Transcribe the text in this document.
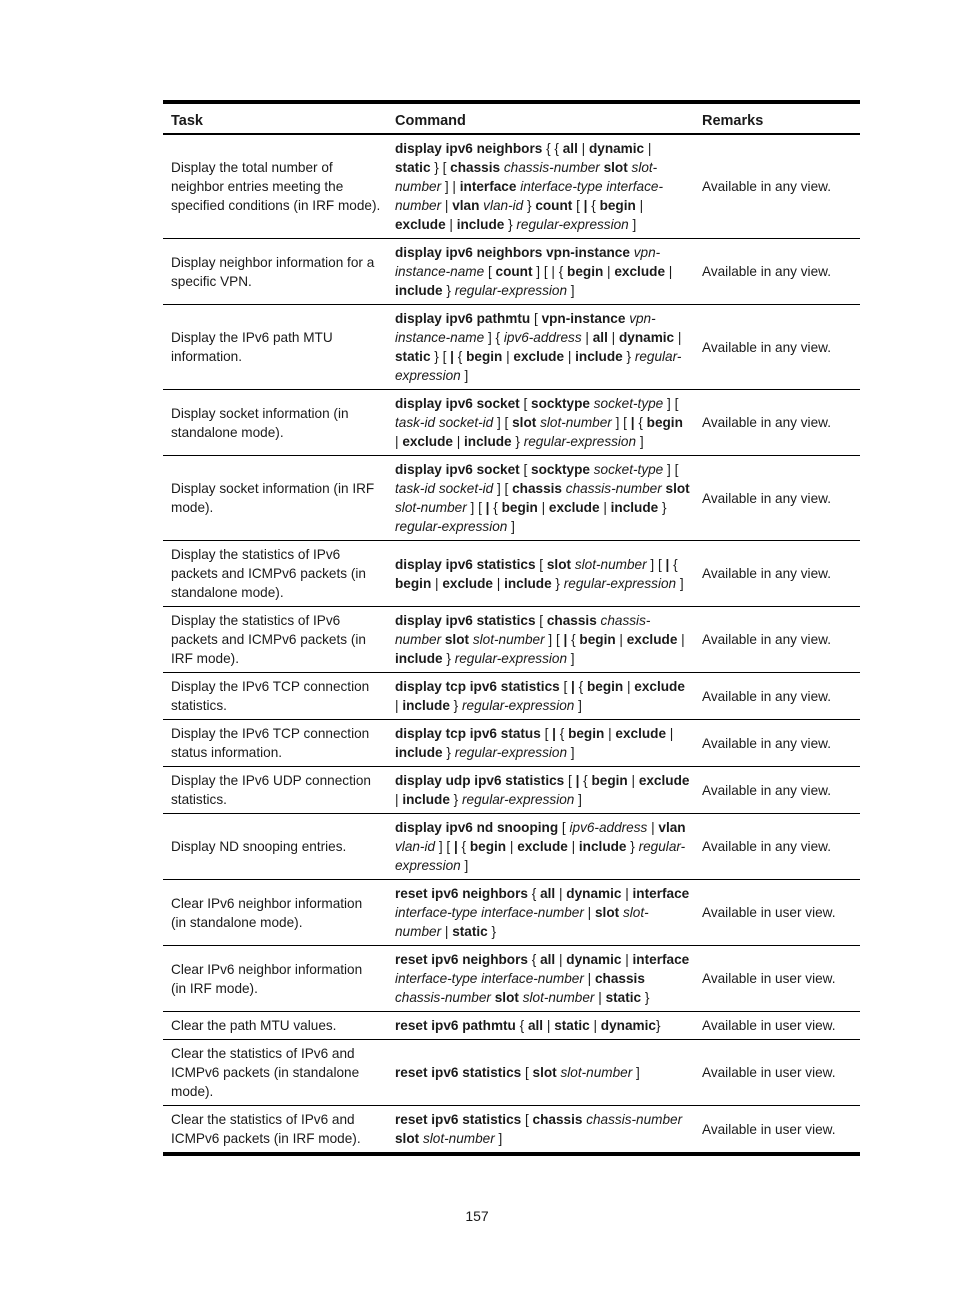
Task	Command	Remarks
Display the total number of neighbor entries meeting the specified conditions (in IRF mode).	display ipv6 neighbors { { all | dynamic | static } [ chassis chassis-number slot slot-number ] | interface interface-type interface-number | vlan vlan-id } count [ | { begin | exclude | include } regular-expression ]	Available in any view.
Display neighbor information for a specific VPN.	display ipv6 neighbors vpn-instance vpn-instance-name [ count ] [ | { begin | exclude | include } regular-expression ]	Available in any view.
Display the IPv6 path MTU information.	display ipv6 pathmtu [ vpn-instance vpn-instance-name ] { ipv6-address | all | dynamic | static } [ | { begin | exclude | include } regular-expression ]	Available in any view.
Display socket information (in standalone mode).	display ipv6 socket [ socktype socket-type ] [ task-id socket-id ] [ slot slot-number ] [ | { begin | exclude | include } regular-expression ]	Available in any view.
Display socket information (in IRF mode).	display ipv6 socket [ socktype socket-type ] [ task-id socket-id ] [ chassis chassis-number slot slot-number ] [ | { begin | exclude | include } regular-expression ]	Available in any view.
Display the statistics of IPv6 packets and ICMPv6 packets (in standalone mode).	display ipv6 statistics [ slot slot-number ] [ | { begin | exclude | include } regular-expression ]	Available in any view.
Display the statistics of IPv6 packets and ICMPv6 packets (in IRF mode).	display ipv6 statistics [ chassis chassis-number slot slot-number ] [ | { begin | exclude | include } regular-expression ]	Available in any view.
Display the IPv6 TCP connection statistics.	display tcp ipv6 statistics [ | { begin | exclude | include } regular-expression ]	Available in any view.
Display the IPv6 TCP connection status information.	display tcp ipv6 status [ | { begin | exclude | include } regular-expression ]	Available in any view.
Display the IPv6 UDP connection statistics.	display udp ipv6 statistics [ | { begin | exclude | include } regular-expression ]	Available in any view.
Display ND snooping entries.	display ipv6 nd snooping [ ipv6-address | vlan vlan-id ] [ | { begin | exclude | include } regular-expression ]	Available in any view.
Clear IPv6 neighbor information (in standalone mode).	reset ipv6 neighbors { all | dynamic | interface interface-type interface-number | slot slot-number | static }	Available in user view.
Clear IPv6 neighbor information (in IRF mode).	reset ipv6 neighbors { all | dynamic | interface interface-type interface-number | chassis chassis-number slot slot-number | static }	Available in user view.
Clear the path MTU values.	reset ipv6 pathmtu { all | static | dynamic}	Available in user view.
Clear the statistics of IPv6 and ICMPv6 packets (in standalone mode).	reset ipv6 statistics [ slot slot-number ]	Available in user view.
Clear the statistics of IPv6 and ICMPv6 packets (in IRF mode).	reset ipv6 statistics [ chassis chassis-number slot slot-number ]	Available in user view.
157
